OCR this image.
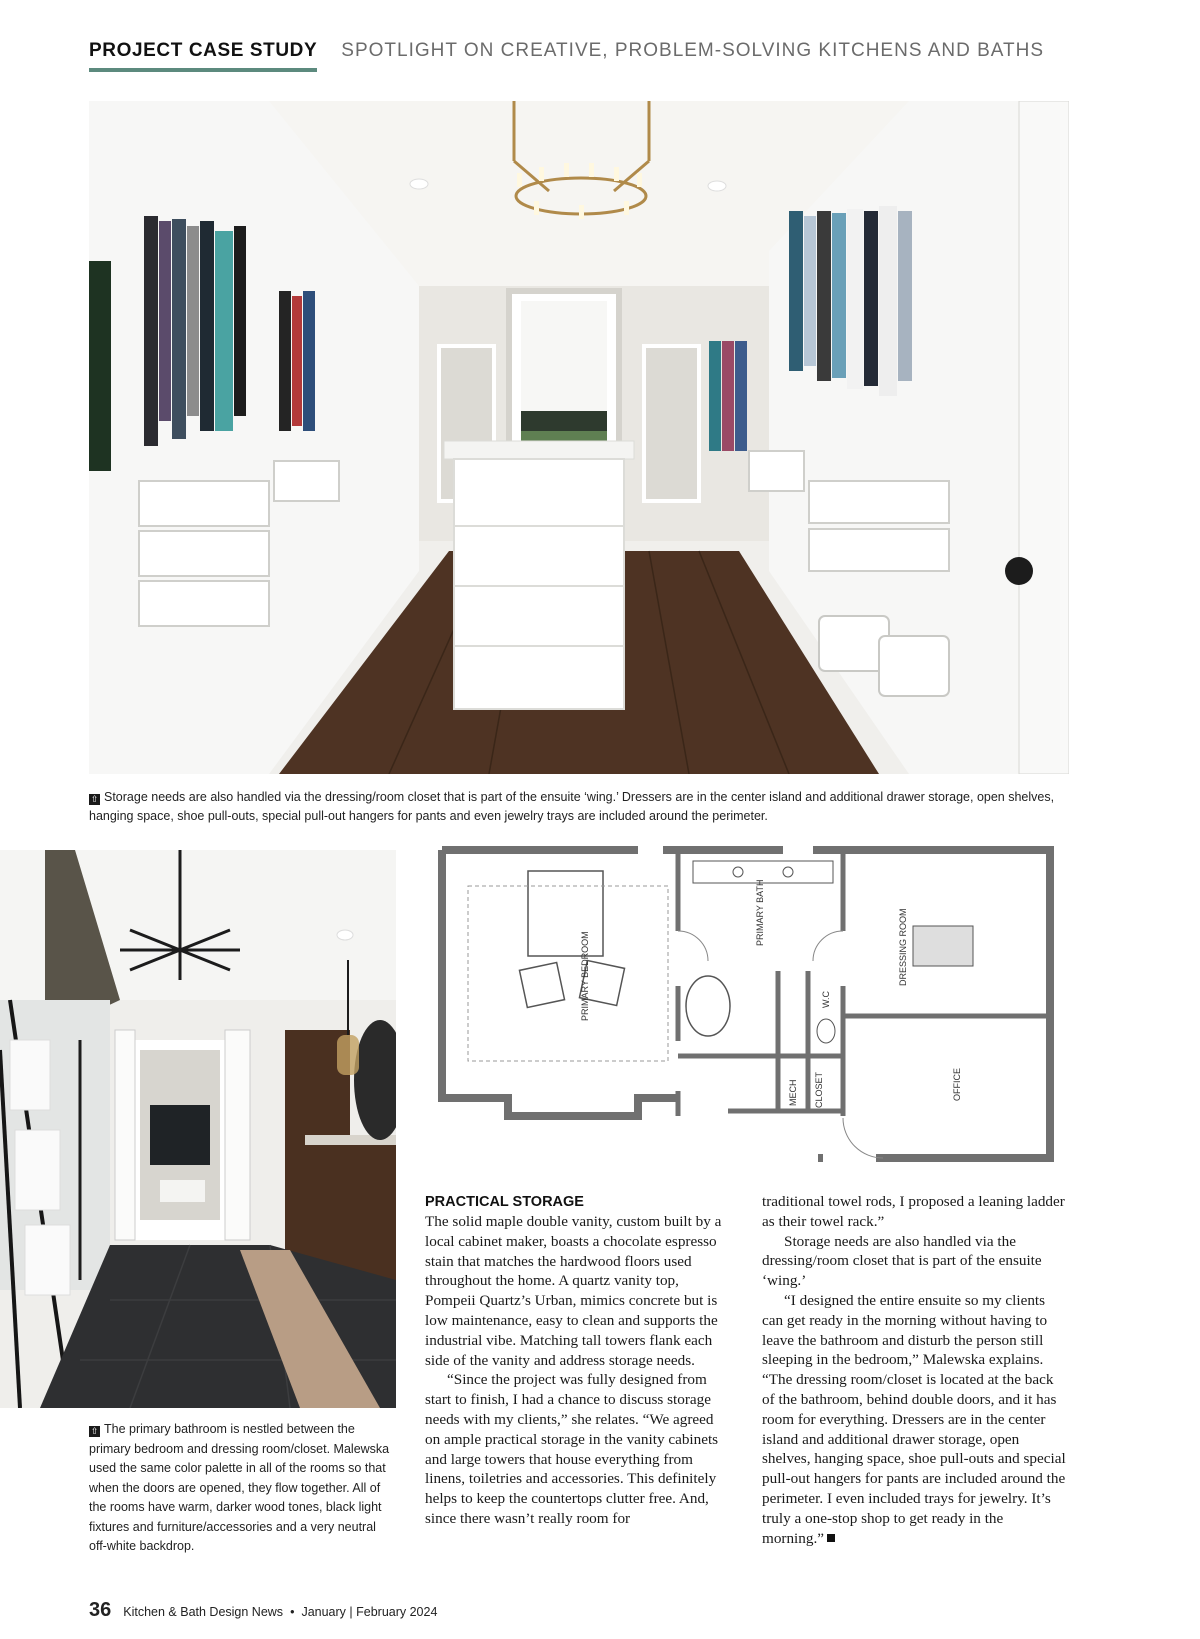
PROJECT CASE STUDY SPOTLIGHT ON CREATIVE, PROBLEM-SOLVING KITCHENS AND BATHS
⇧ Storage needs are also handled via the dressing/room closet that is part of the ensuite ‘wing.’ Dressers are in the center island and additional drawer storage, open shelves, hanging space, shoe pull-outs, special pull-out hangers for pants and even jewelry trays are included around the perimeter.
⇧ The primary bathroom is nestled between the primary bedroom and dressing room/closet. Malewska used the same color palette in all of the rooms so that when the doors are opened, they flow together. All of the rooms have warm, darker wood tones, black light fixtures and furniture/accessories and a very neutral off-white backdrop.
PRIMARY BEDROOM
PRIMARY BATH	DRESSING ROOM
W.C
MECH CLOSET	OFFICE
PRACTICAL STORAGE

The solid maple double vanity, custom built by a local cabinet maker, boasts a chocolate espresso stain that matches the hardwood floors used throughout the home. A quartz vanity top, Pompeii Quartz’s Urban, mimics concrete but is low maintenance, easy to clean and supports the industrial vibe. Matching tall towers flank each side of the vanity and address storage needs.

“Since the project was fully designed from start to finish, I had a chance to discuss storage needs with my clients,” she relates. “We agreed on ample practical storage in the vanity cabinets and large towers that house everything from linens, toiletries and accessories. This definitely helps to keep the countertops clutter free. And, since there wasn’t really room for

traditional towel rods, I proposed a leaning ladder as their towel rack.”

Storage needs are also handled via the dressing/room closet that is part of the ensuite ‘wing.’

“I designed the entire ensuite so my clients can get ready in the morning without having to leave the bathroom and disturb the person still sleeping in the bedroom,” Malewska explains. “The dressing room/closet is located at the back of the bathroom, behind double doors, and it has room for everything. Dressers are in the center island and additional drawer storage, open shelves, hanging space, shoe pull-outs and special pull-out hangers for pants are included around the perimeter. I even included trays for jewelry. It’s truly a one-stop shop to get ready in the morning.”

36 Kitchen & Bath Design News • January | February 2024
